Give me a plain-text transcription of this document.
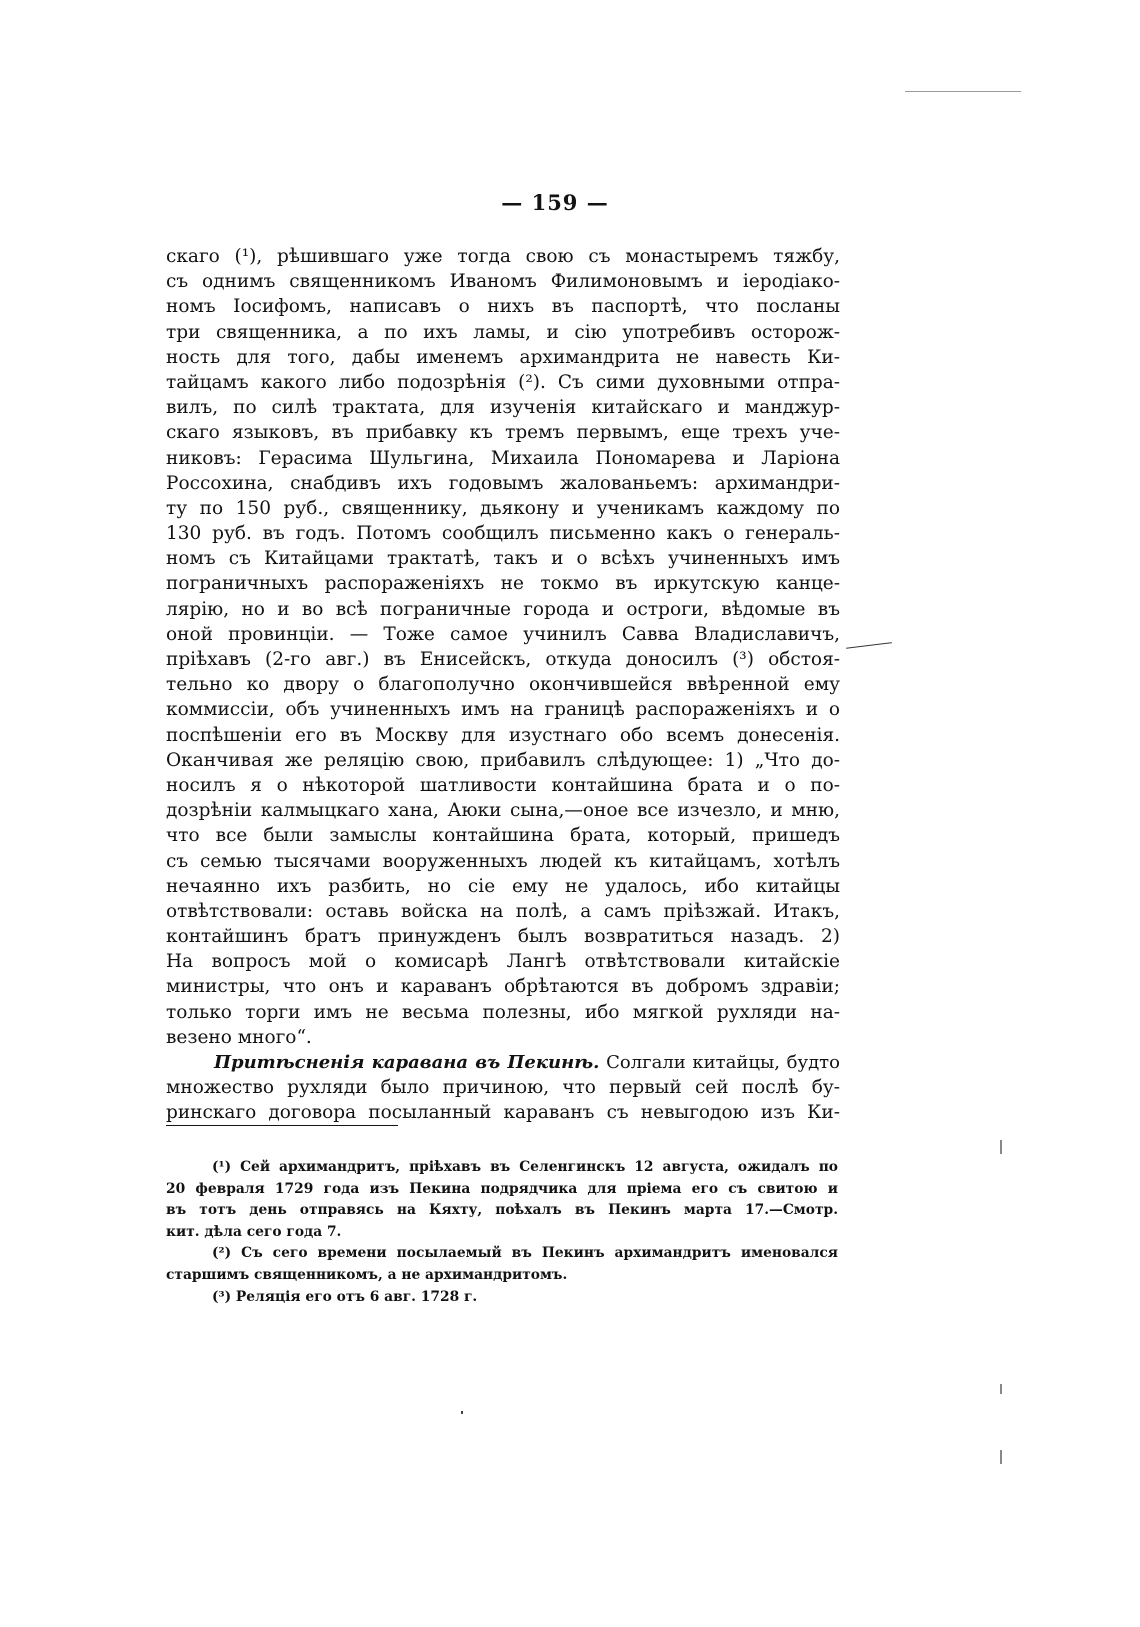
— 159 —
скаго (¹), рѣшившаго уже тогда свою съ монастыремъ тяжбу,
съ однимъ священникомъ Иваномъ Филимоновымъ и іеродіако-
номъ Іосифомъ, написавъ о нихъ въ паспортѣ, что посланы
три священника, а по ихъ ламы, и сію употребивъ осторож-
ность для того, дабы именемъ архимандрита не навесть Ки-
тайцамъ какого либо подозрѣнія (²). Съ сими духовными отпра-
вилъ, по силѣ трактата, для изученія китайскаго и манджур-
скаго языковъ, въ прибавку къ тремъ первымъ, еще трехъ уче-
никовъ: Герасима Шульгина, Михаила Пономарева и Ларіона
Россохина, снабдивъ ихъ годовымъ жалованьемъ: архимандри-
ту по 150 руб., священнику, дьякону и ученикамъ каждому по
130 руб. въ годъ. Потомъ сообщилъ письменно какъ о генераль-
номъ съ Китайцами трактатѣ, такъ и о всѣхъ учиненныхъ имъ
пограничныхъ распораженіяхъ не токмо въ иркутскую канце-
лярію, но и во всѣ пограничные города и остроги, вѣдомые въ
оной провинціи. — Тоже самое учинилъ Савва Владиславичъ,
пріѣхавъ (2-го авг.) въ Енисейскъ, откуда доносилъ (³) обстоя-
тельно ко двору о благополучно окончившейся ввѣренной ему
коммиссіи, объ учиненныхъ имъ на границѣ распораженіяхъ и о
поспѣшеніи его въ Москву для изустнаго обо всемъ донесенія.
Оканчивая же реляцію свою, прибавилъ слѣдующее: 1) „Что до-
носилъ я о нѣкоторой шатливости контайшина брата и о по-
дозрѣніи калмыцкаго хана, Аюки сына,—оное все изчезло, и мню,
что все были замыслы контайшина брата, который, пришедъ
съ семью тысячами вооруженныхъ людей къ китайцамъ, хотѣлъ
нечаянно ихъ разбить, но сіе ему не удалось, ибо китайцы
отвѣтствовали: оставь войска на полѣ, а самъ пріѣзжай. Итакъ,
контайшинъ братъ принужденъ былъ возвратиться назадъ. 2)
На вопросъ мой о комисарѣ Лангѣ отвѣтствовали китайскіе
министры, что онъ и караванъ обрѣтаются въ добромъ здравіи;
только торги имъ не весьма полезны, ибо мягкой рухляди на-
везено много“.
Притѣсненія каравана въ Пекинѣ. Солгали китайцы, будто
множество рухляди было причиною, что первый сей послѣ бу-
ринскаго договора посыланный караванъ съ невыгодою изъ Ки-
(¹) Сей архимандритъ, пріѣхавъ въ Селенгинскъ 12 августа, ожидалъ по
20 февраля 1729 года изъ Пекина подрядчика для пріема его съ свитою и
въ тотъ день отправясь на Кяхту, поѣхалъ въ Пекинъ марта 17.—Смотр.
кит. дѣла сего года 7.
(²) Съ сего времени посылаемый въ Пекинъ архимандритъ именовался
старшимъ священникомъ, а не архимандритомъ.
(³) Реляція его отъ 6 авг. 1728 г.
